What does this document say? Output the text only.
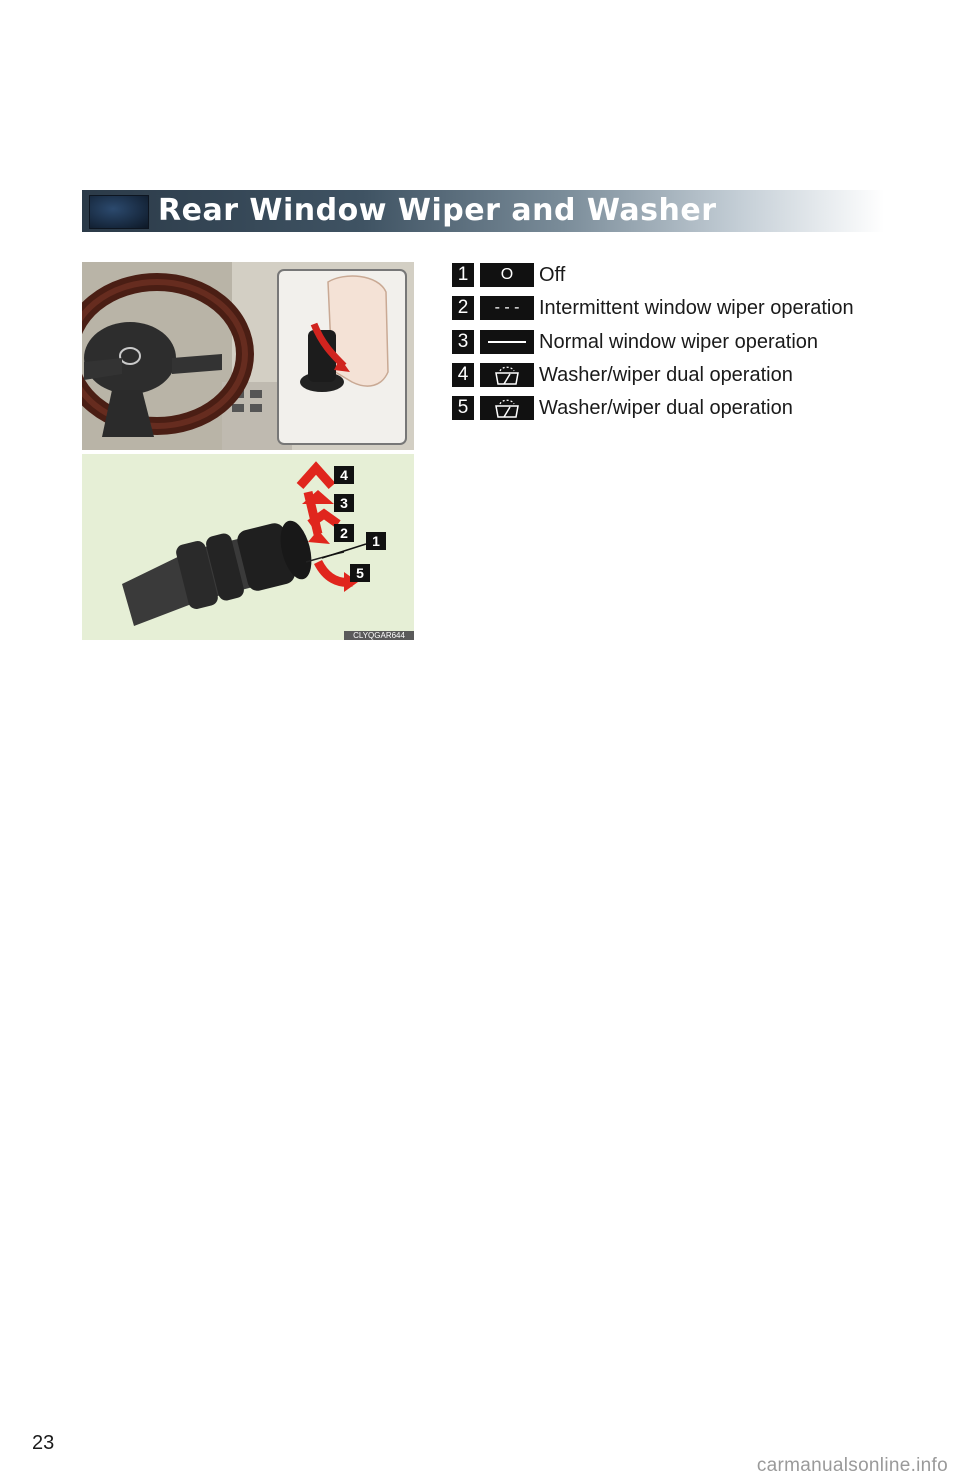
Rear Window Wiper and Washer
4
3
2 1
5
CLYQGAR644
1	O	Off
2	- - - Intermittent window wiper operation
3	Normal window wiper operation
4	Washer/wiper dual operation
5	Washer/wiper dual operation
23
carmanualsonline.info
